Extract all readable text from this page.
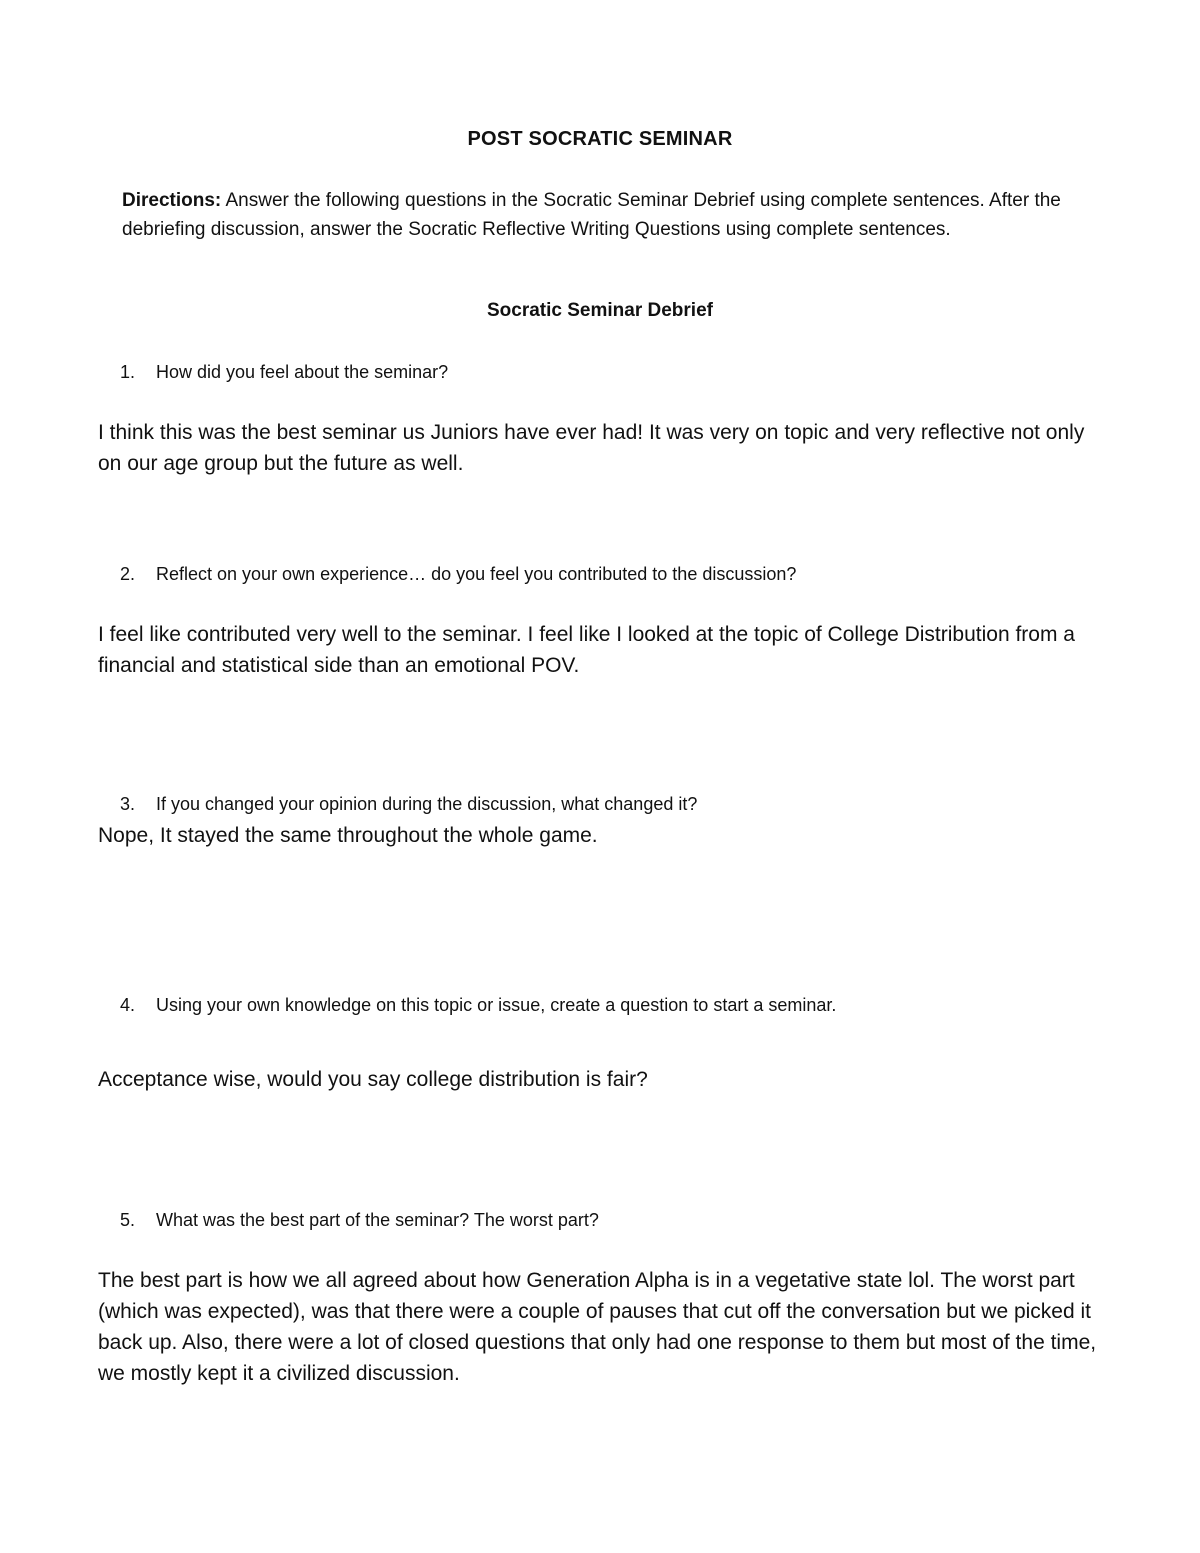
POST SOCRATIC SEMINAR

Directions: Answer the following questions in the Socratic Seminar Debrief using complete sentences. After the debriefing discussion, answer the Socratic Reflective Writing Questions using complete sentences.

Socratic Seminar Debrief

1. How did you feel about the seminar?

I think this was the best seminar us Juniors have ever had! It was very on topic and very reflective not only on our age group but the future as well.

2. Reflect on your own experience… do you feel you contributed to the discussion?

I feel like contributed very well to the seminar. I feel like I looked at the topic of College Distribution from a financial and statistical side than an emotional POV.

3. If you changed your opinion during the discussion, what changed it?

Nope, It stayed the same throughout the whole game.

4. Using your own knowledge on this topic or issue, create a question to start a seminar.

Acceptance wise, would you say college distribution is fair?

5. What was the best part of the seminar? The worst part?

The best part is how we all agreed about how Generation Alpha is in a vegetative state lol. The worst part (which was expected), was that there were a couple of pauses that cut off the conversation but we picked it back up. Also, there were a lot of closed questions that only had one response to them but most of the time, we mostly kept it a civilized discussion.
